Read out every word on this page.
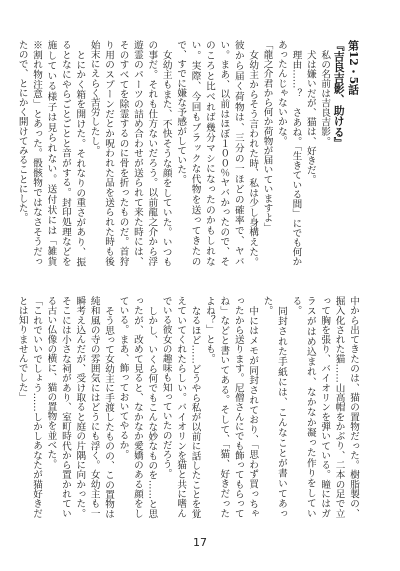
第12・5話

『吉良吉影、助ける』

私の名前は吉良吉影。

犬は嫌いだが、猫は、好きだ。

理由……？　さあね。「生きている間」にでも何かあったんじゃないかな。

「龍之介君から何か荷物が届いていますよ」

女幼主からそう言われた時、私は少し身構えた。彼から届く荷物は、三分の一ほどの確率で、ヤバい。まあ、以前はほぼ１００％ヤバかったので、そのころと比べれば幾分マシになったのかもしれない。実際、今回もブラックな代物を送ってきたので、すでに嫌な予感がしていた。

女幼主もまた、不快そうな顔をしていた。いつもの事だ。それも仕方ないだろう。以前龍之介から浮遊霊のパーツの詰め合わせが送られて来た時には、そのすべてを除霊するのに骨を折ったものだ。首狩り用のスプーンだとか呪われた品を送られた時も後始末にえらく苦労したし。

とにかく箱を開けた。それなりの重さがあり、振るとなにやらごとごとと音がする。封印処理などを施している様子は見られない。送付状には「雑貨　※割れ物注意」とあった。骰骸物ではなさそうだったので、とにかく開けてみることにした。

中から出てきたのは、猫の置物だった。樹脂製の、掘入化された猫……山高帽をかぶり、二本の足で立って胸を張り、バイオリンを弾いている。瞳にはガラスがはめ込まれ、なかなか凝った作りをしている。

同封された手紙には、こんなことが書いてあった。

中にはメモが同封されており、「思わず買っちゃったから送ります。尼僧さんにでも飾ってもらってね」などと書いてある。そして、「猫、好きだったよね？」とも。

なるほど……どうやら私が以前に話したことを覚えていてくれたらしい。バイオリンを猫と共に嗜んでいる彼女の趣味も知っていたのだろう。

しかし、いくら何でもこんな妙なものを……と思ったが、改めて見ると、なかなか愛嬌のある顔をしている。まあ、飾っておいてやるか。

そう思って女幼主に手渡したものの、この置物は純和風の寺の雰囲気にはどうにも浮く。女幼主も一瞬考え込んだが、受け取ると庭の片隅に向かった。そこには小さな祠があり、室町時代から置かれている古い仏像の横に、猫の置物を並べた。

「これでいいでしょう……しかしあなたが猫好きだとは知りませんでした」

17
